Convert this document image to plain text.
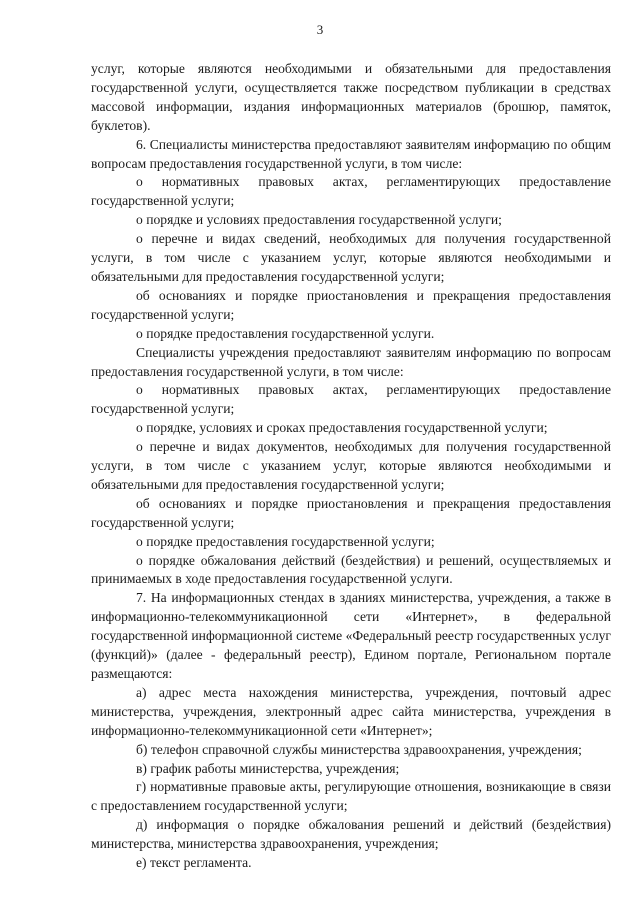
3

услуг, которые являются необходимыми и обязательными для предоставления государственной услуги, осуществляется также посредством публикации в средствах массовой информации, издания информационных материалов (брошюр, памяток, буклетов).

6. Специалисты министерства предоставляют заявителям информацию по общим вопросам предоставления государственной услуги, в том числе:

о нормативных правовых актах, регламентирующих предоставление государственной услуги;

о порядке и условиях предоставления государственной услуги;

о перечне и видах сведений, необходимых для получения государственной услуги, в том числе с указанием услуг, которые являются необходимыми и обязательными для предоставления государственной услуги;

об основаниях и порядке приостановления и прекращения предоставления государственной услуги;

о порядке предоставления государственной услуги.

Специалисты учреждения предоставляют заявителям информацию по вопросам предоставления государственной услуги, в том числе:

о нормативных правовых актах, регламентирующих предоставление государственной услуги;

о порядке, условиях и сроках предоставления государственной услуги;

о перечне и видах документов, необходимых для получения государственной услуги, в том числе с указанием услуг, которые являются необходимыми и обязательными для предоставления государственной услуги;

об основаниях и порядке приостановления и прекращения предоставления государственной услуги;

о порядке предоставления государственной услуги;

о порядке обжалования действий (бездействия) и решений, осуществляемых и принимаемых в ходе предоставления государственной услуги.

7. На информационных стендах в зданиях министерства, учреждения, а также в информационно-телекоммуникационной сети «Интернет», в федеральной государственной информационной системе «Федеральный реестр государственных услуг (функций)» (далее - федеральный реестр), Едином портале, Региональном портале размещаются:

а) адрес места нахождения министерства, учреждения, почтовый адрес министерства, учреждения, электронный адрес сайта министерства, учреждения в информационно-телекоммуникационной сети «Интернет»;

б) телефон справочной службы министерства здравоохранения, учреждения;

в) график работы министерства, учреждения;

г) нормативные правовые акты, регулирующие отношения, возникающие в связи с предоставлением государственной услуги;

д) информация о порядке обжалования решений и действий (бездействия) министерства, министерства здравоохранения, учреждения;

е) текст регламента.
